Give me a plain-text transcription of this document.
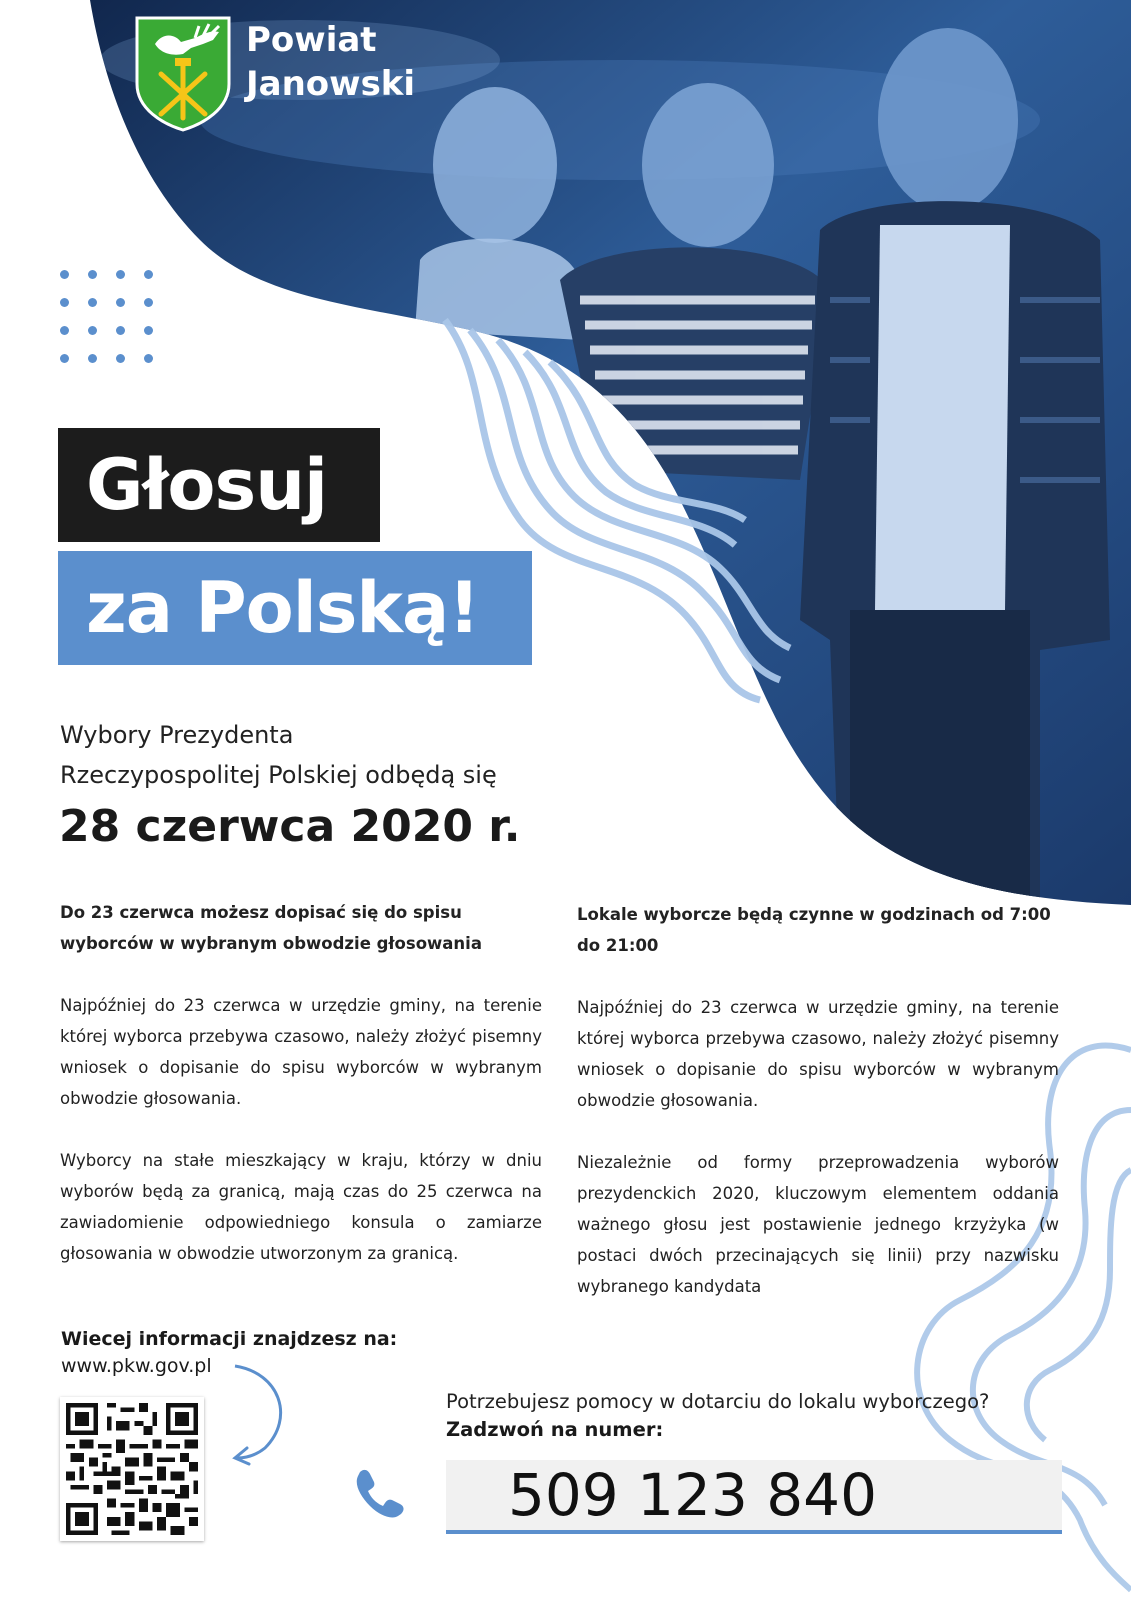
Powiat
Janowski
Głosuj
za Polską!
Wybory Prezydenta
Rzeczypospolitej Polskiej odbędą się
28 czerwca 2020 r.
Do 23 czerwca możesz dopisać się do spisu wyborców w wybranym obwodzie głosowania

Najpóźniej do 23 czerwca w urzędzie gminy, na terenie której wyborca przebywa czasowo, należy złożyć pisemny wniosek o dopisanie do spisu wyborców w wybranym obwodzie głosowania.

Wyborcy na stałe mieszkający w kraju, którzy w dniu wyborów będą za granicą, mają czas do 25 czerwca na zawiadomienie odpowiedniego konsula o zamiarze głosowania w obwodzie utworzonym za granicą.

Lokale wyborcze będą czynne w godzinach od 7:00 do 21:00

Najpóźniej do 23 czerwca w urzędzie gminy, na terenie której wyborca przebywa czasowo, należy złożyć pisemny wniosek o dopisanie do spisu wyborców w wybranym obwodzie głosowania.

Niezależnie od formy przeprowadzenia wyborów prezydenckich 2020, kluczowym elementem oddania ważnego głosu jest postawienie jednego krzyżyka (w postaci dwóch przecinających się linii) przy nazwisku wybranego kandydata

Wiecej informacji znajdzesz na:
www.pkw.gov.pl
Potrzebujesz pomocy w dotarciu do lokalu wyborczego?
Zadzwoń na numer:
509 123 840
